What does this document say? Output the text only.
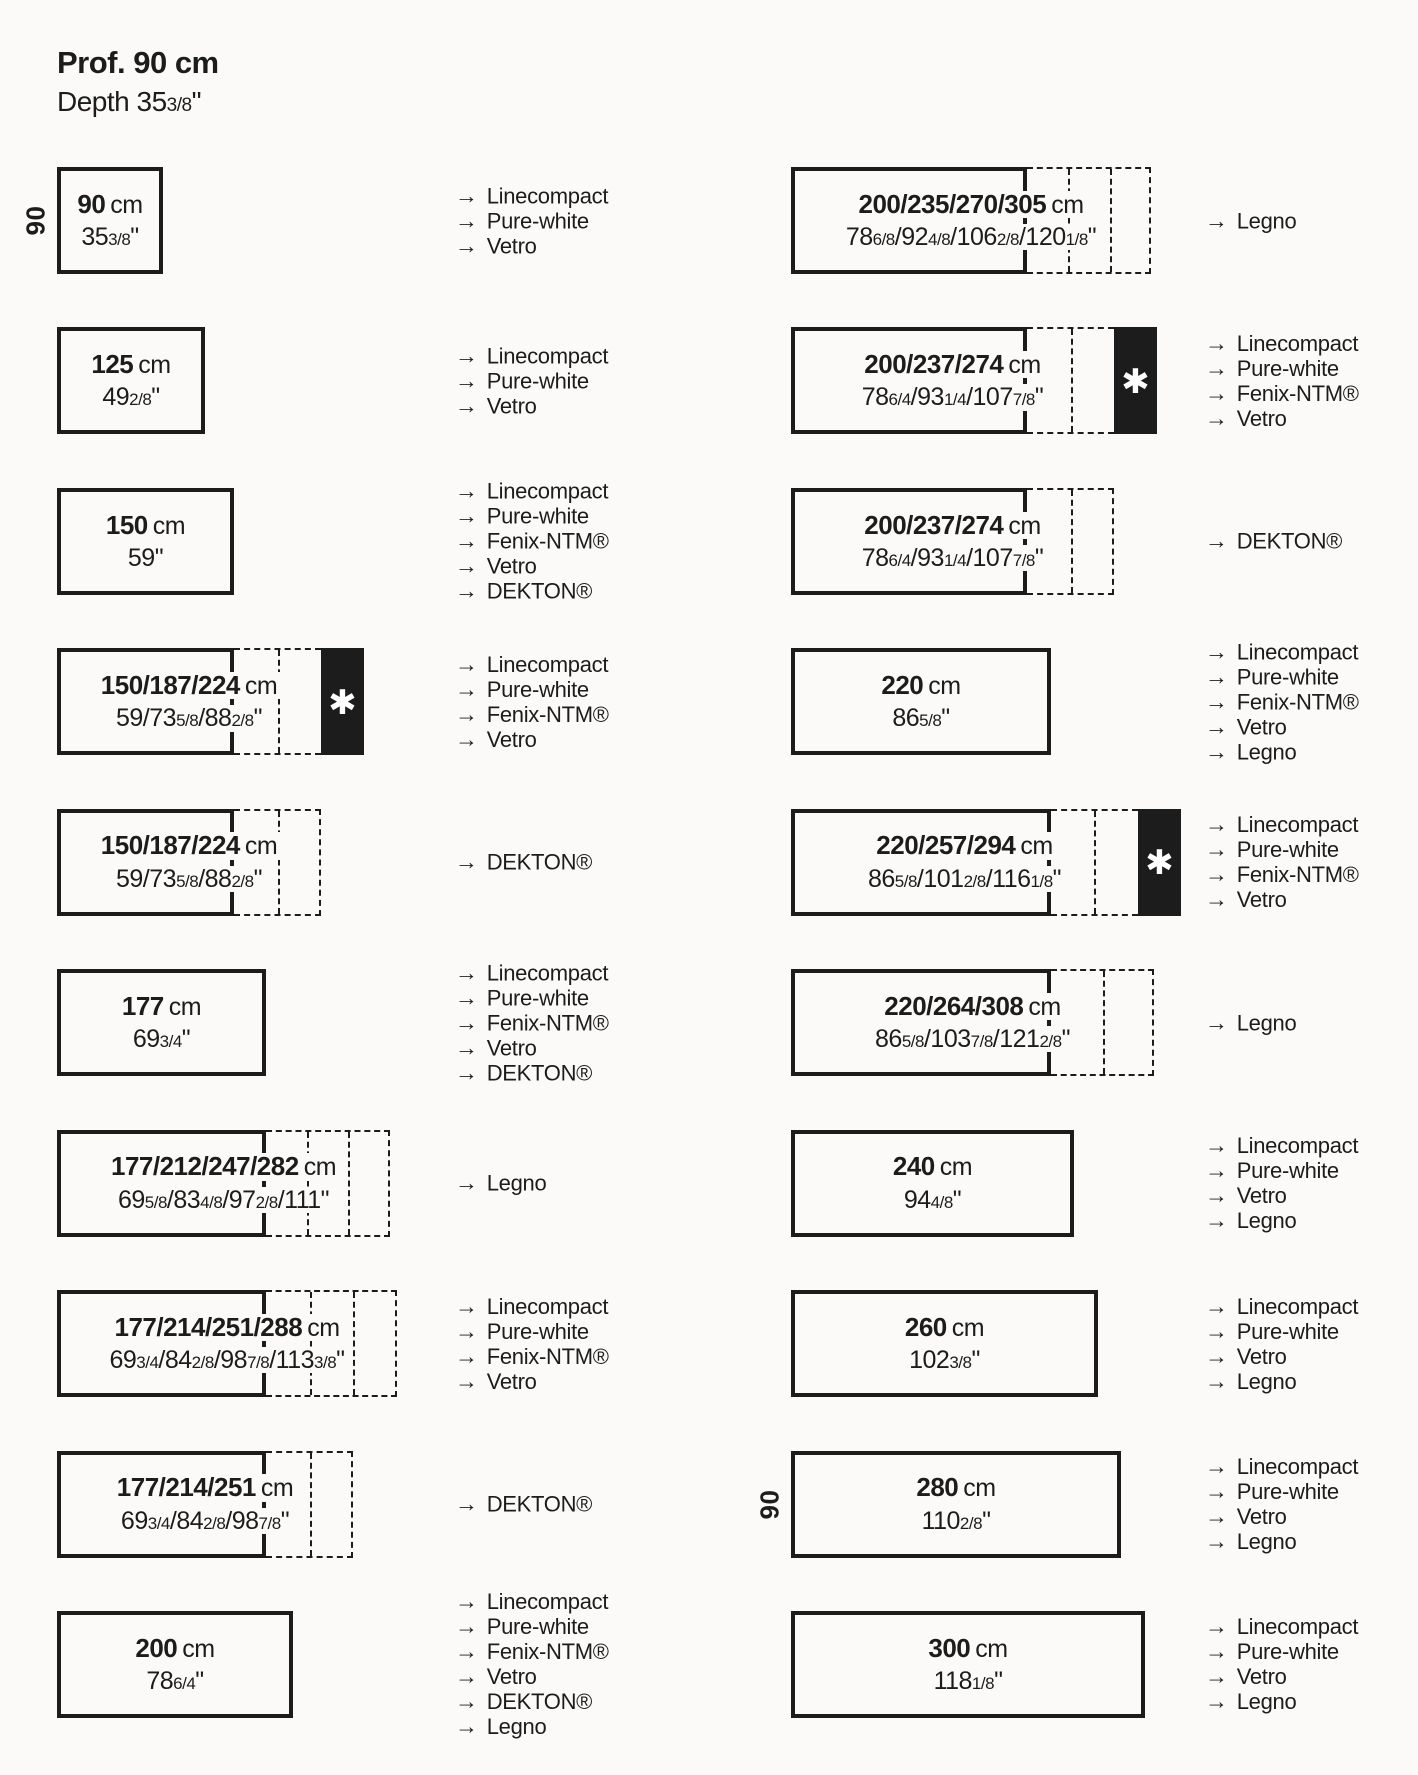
Prof. 90 cm
Depth 353/8"
90
90 cm
353/8"
→ Linecompact
→ Pure-white
→ Vetro
125 cm
492/8"
→ Linecompact
→ Pure-white
→ Vetro
150 cm
59"
→ Linecompact
→ Pure-white
→ Fenix-NTM®
→ Vetro
→ DEKTON®
✱
150/187/224 cm
59/735/8/882/8"
→ Linecompact
→ Pure-white
→ Fenix-NTM®
→ Vetro
150/187/224 cm
59/735/8/882/8"
→ DEKTON®
177 cm
693/4"
→ Linecompact
→ Pure-white
→ Fenix-NTM®
→ Vetro
→ DEKTON®
177/212/247/282 cm
695/8/834/8/972/8/111"
→ Legno
177/214/251/288 cm
693/4/842/8/987/8/1133/8"
→ Linecompact
→ Pure-white
→ Fenix-NTM®
→ Vetro
177/214/251 cm
693/4/842/8/987/8"
→ DEKTON®
200 cm
786/4"
→ Linecompact
→ Pure-white
→ Fenix-NTM®
→ Vetro
→ DEKTON®
→ Legno
200/235/270/305 cm
786/8/924/8/1062/8/1201/8"
→ Legno
✱
200/237/274 cm
786/4/931/4/1077/8"
→ Linecompact
→ Pure-white
→ Fenix-NTM®
→ Vetro
200/237/274 cm
786/4/931/4/1077/8"
→ DEKTON®
220 cm
865/8"
→ Linecompact
→ Pure-white
→ Fenix-NTM®
→ Vetro
→ Legno
✱
220/257/294 cm
865/8/1012/8/1161/8"
→ Linecompact
→ Pure-white
→ Fenix-NTM®
→ Vetro
220/264/308 cm
865/8/1037/8/1212/8"
→ Legno
240 cm
944/8"
→ Linecompact
→ Pure-white
→ Vetro
→ Legno
260 cm
1023/8"
→ Linecompact
→ Pure-white
→ Vetro
→ Legno
90
280 cm
1102/8"
→ Linecompact
→ Pure-white
→ Vetro
→ Legno
300 cm
1181/8"
→ Linecompact
→ Pure-white
→ Vetro
→ Legno
